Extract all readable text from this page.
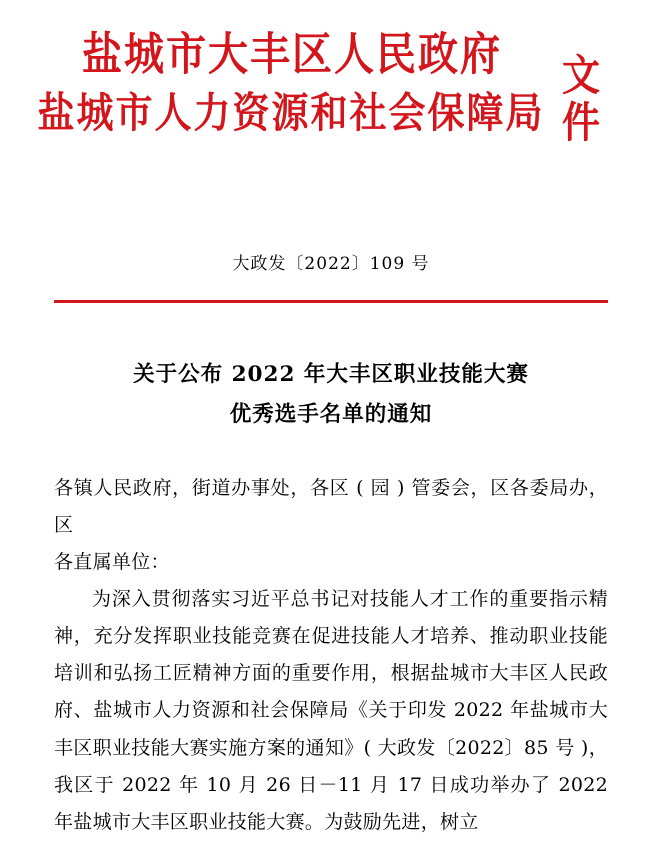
盐城市大丰区人民政府
盐城市人力资源和社会保障局
文
件
大政发〔2022〕109 号
关于公布 2022 年大丰区职业技能大赛
优秀选手名单的通知

各镇人民政府，街道办事处，各区 ( 园 ) 管委会，区各委局办，区

各直属单位：

为深入贯彻落实习近平总书记对技能人才工作的重要指示精神，充分发挥职业技能竞赛在促进技能人才培养、推动职业技能培训和弘扬工匠精神方面的重要作用，根据盐城市大丰区人民政府、盐城市人力资源和社会保障局《关于印发 2022 年盐城市大丰区职业技能大赛实施方案的通知》( 大政发〔2022〕85 号 )，我区于 2022 年 10 月 26 日－11 月 17 日成功举办了 2022 年盐城市大丰区职业技能大赛。为鼓励先进，树立
